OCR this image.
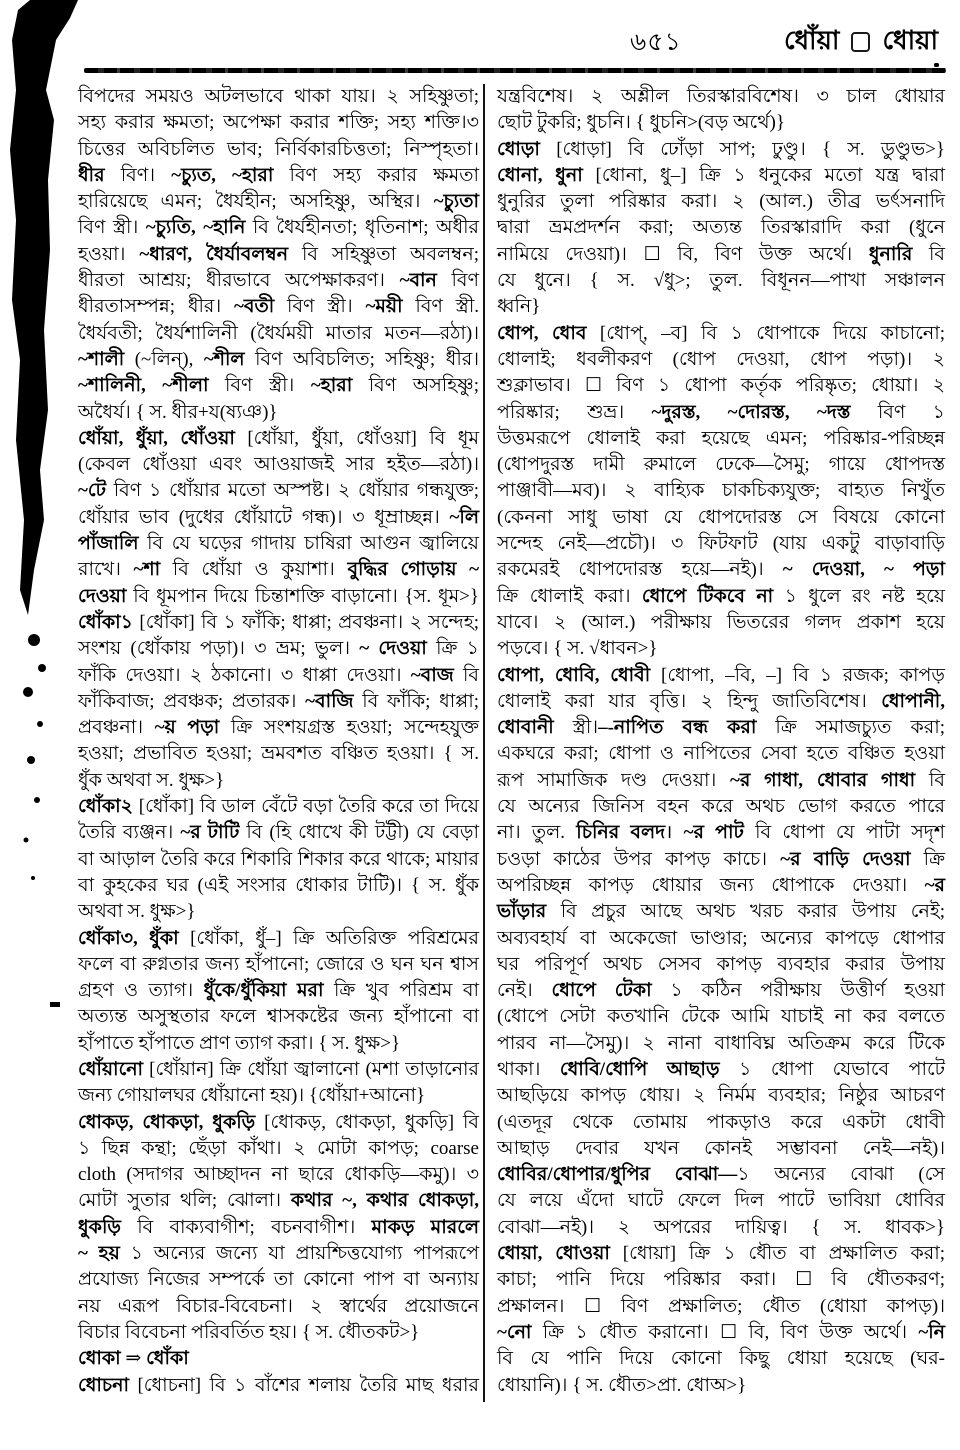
৬৫১	ধোঁয়া ধোয়া
বিপদের সময়ও অটলভাবে থাকা যায়। ২ সহিষ্ণুতা;
সহ্য করার ক্ষমতা; অপেক্ষা করার শক্তি; সহ্য শক্তি।৩
চিত্তের অবিচলিত ভাব; নির্বিকারচিত্ততা; নিস্পৃহতা।
ধীর বিণ। ~চ্যুত, ~হারা বিণ সহ্য করার ক্ষমতা
হারিয়েছে এমন; ধৈর্যহীন; অসহিষ্ণু, অস্থির। ~চ্যুতা
বিণ স্ত্রী। ~চ্যুতি, ~হানি বি ধৈর্যহীনতা; ধৃতিনাশ; অধীর
হওয়া। ~ধারণ, ধৈর্যাবলম্বন বি সহিষ্ণুতা অবলম্বন;
ধীরতা আশ্রয়; ধীরভাবে অপেক্ষাকরণ। ~বান বিণ
ধীরতাসম্পন্ন; ধীর। ~বতী বিণ স্ত্রী। ~ময়ী বিণ স্ত্রী.
ধৈর্যবতী; ধৈর্যশালিনী (ধৈর্যময়ী মাতার মতন—রঠা)।
~শালী (~লিন্), ~শীল বিণ অবিচলিত; সহিষ্ণু; ধীর।
~শালিনী, ~শীলা বিণ স্ত্রী। ~হারা বিণ অসহিষ্ণু;
অধৈর্য। { স. ধীর+য(ষ্যঞ)}
ধোঁয়া, ধুঁয়া, ধোঁওয়া [ধোঁয়া, ধুঁয়া, ধোঁওয়া] বি ধূম
(কেবল ধোঁওয়া এবং আওয়াজই সার হইত—রঠা)।
~টে বিণ ১ ধোঁয়ার মতো অস্পষ্ট। ২ ধোঁয়ার গন্ধযুক্ত;
ধোঁয়ার ভাব (দুধের ধোঁয়াটে গন্ধ)। ৩ ধূম্রাচ্ছন্ন। ~লি
পাঁজালি বি যে ঘড়ের গাদায় চাষিরা আগুন জ্বালিয়ে
রাখে। ~শা বি ধোঁয়া ও কুয়াশা। বুদ্ধির গোড়ায় ~
দেওয়া বি ধূমপান দিয়ে চিন্তাশক্তি বাড়ানো। {স. ধূম>}
ধোঁকা১ [ধোঁকা] বি ১ ফাঁকি; ধাপ্পা; প্রবঞ্চনা। ২ সন্দেহ;
সংশয় (ধোঁকায় পড়া)। ৩ ভ্রম; ভুল। ~ দেওয়া ক্রি ১
ফাঁকি দেওয়া। ২ ঠকানো। ৩ ধাপ্পা দেওয়া। ~বাজ বি
ফাঁকিবাজ; প্রবঞ্চক; প্রতারক। ~বাজি বি ফাঁকি; ধাপ্পা;
প্রবঞ্চনা। ~য় পড়া ক্রি সংশয়গ্রস্ত হওয়া; সন্দেহযুক্ত
হওয়া; প্রভাবিত হওয়া; ভ্রমবশত বঞ্চিত হওয়া। { স.
ধুঁক অথবা স. ধুক্ষ>}
ধোঁকা২ [ধোঁকা] বি ডাল বেঁটে বড়া তৈরি করে তা দিয়ে
তৈরি ব্যঞ্জন। ~র টাটি বি (হি ধোখে কী টট্টী) যে বেড়া
বা আড়াল তৈরি করে শিকারি শিকার করে থাকে; মায়ার
বা কুহকের ঘর (এই সংসার ধোকার টাটি)। { স. ধুঁক
অথবা স. ধুক্ষ>}
ধোঁকা৩, ধুঁকা [ধোঁকা, ধুঁ–] ক্রি অতিরিক্ত পরিশ্রমের
ফলে বা রুগ্নতার জন্য হাঁপানো; জোরে ও ঘন ঘন শ্বাস
গ্রহণ ও ত্যাগ। ধুঁকে/ধুঁকিয়া মরা ক্রি খুব পরিশ্রম বা
অত্যন্ত অসুস্থতার ফলে শ্বাসকষ্টের জন্য হাঁপানো বা
হাঁপাতে হাঁপাতে প্রাণ ত্যাগ করা। { স. ধুক্ষ>}
ধোঁয়ানো [ধোঁয়ান] ক্রি ধোঁয়া জ্বালানো (মশা তাড়ানোর
জন্য গোয়ালঘর ধোঁয়ানো হয়)। {ধোঁয়া+আনো}
ধোকড়, ধোকড়া, ধুকড়ি [ধোকড়, ধোকড়া, ধুকড়ি] বি
১ ছিন্ন কন্থা; ছেঁড়া কাঁথা। ২ মোটা কাপড়; coarse
cloth (সদাগর আচ্ছাদন না ছারে ধোকড়ি—কমু)। ৩
মোটা সুতার থলি; ঝোলা। কথার ~, কথার ধোকড়া,
ধুকড়ি বি বাক্যবাগীশ; বচনবাগীশ। মাকড় মারলে
~ হয় ১ অন্যের জন্যে যা প্রায়শ্চিত্তযোগ্য পাপরূপে
প্রযোজ্য নিজের সম্পর্কে তা কোনো পাপ বা অন্যায়
নয় এরূপ বিচার-বিবেচনা। ২ স্বার্থের প্রয়োজনে
বিচার বিবেচনা পরিবর্তিত হয়। { স. ধৌতকট>}
ধোকা ⇒ ধোঁকা
ধোচনা [ধোচনা] বি ১ বাঁশের শলায় তৈরি মাছ ধরার
যন্ত্রবিশেষ। ২ অশ্লীল তিরস্কারবিশেষ। ৩ চাল ধোয়ার
ছোট টুকরি; ধুচনি। { ধুচনি>(বড় অর্থে)}
ধোড়া [ধোড়া] বি ঢোঁড়া সাপ; ঢুণ্ডু। { স. ডুণ্ডুভ>}
ধোনা, ধুনা [ধোনা, ধু–] ক্রি ১ ধনুকের মতো যন্ত্র দ্বারা
ধুনুরির তুলা পরিষ্কার করা। ২ (আল.) তীব্র ভর্ৎসনাদি
দ্বারা ভ্রমপ্রদর্শন করা; অত্যন্ত তিরস্কারাদি করা (ধুনে
নামিয়ে দেওয়া)। ☐ বি, বিণ উক্ত অর্থে। ধুনারি বি
যে ধুনে। { স. √ধু>; তুল. বিধূনন—পাখা সঞ্চালন
ধ্বনি}
ধোপ, ধোব [ধোপ্, –ব] বি ১ ধোপাকে দিয়ে কাচানো;
ধোলাই; ধবলীকরণ (ধোপ দেওয়া, ধোপ পড়া)। ২
শুক্লাভাব। ☐ বিণ ১ ধোপা কর্তৃক পরিষ্কৃত; ধোয়া। ২
পরিষ্কার; শুভ্র। ~দুরস্ত, ~দোরস্ত, ~দস্ত বিণ ১
উত্তমরূপে ধোলাই করা হয়েছে এমন; পরিষ্কার-পরিচ্ছন্ন
(ধোপদুরস্ত দামী রুমালে ঢেকে—সৈমু; গায়ে ধোপদস্ত
পাঞ্জাবী—মব)। ২ বাহ্যিক চাকচিক্যযুক্ত; বাহ্যত নিখুঁত
(কেননা সাধু ভাষা যে ধোপদোরস্ত সে বিষয়ে কোনো
সন্দেহ নেই—প্রচৌ)। ৩ ফিটফাট (যায় একটু বাড়াবাড়ি
রকমেরই ধোপদোরস্ত হয়ে—নই)। ~ দেওয়া, ~ পড়া
ক্রি ধোলাই করা। ধোপে টিকবে না ১ ধুলে রং নষ্ট হয়ে
যাবে। ২ (আল.) পরীক্ষায় ভিতরের গলদ প্রকাশ হয়ে
পড়বে। { স. √ধাবন>}
ধোপা, ধোবি, ধোবী [ধোপা, –বি, –] বি ১ রজক; কাপড়
ধোলাই করা যার বৃত্তি। ২ হিন্দু জাতিবিশেষ। ধোপানী,
ধোবানী স্ত্রী।–-নাপিত বন্ধ করা ক্রি সমাজচ্যুত করা;
একঘরে করা; ধোপা ও নাপিতের সেবা হতে বঞ্চিত হওয়া
রূপ সামাজিক দণ্ড দেওয়া। ~র গাধা, ধোবার গাধা বি
যে অন্যের জিনিস বহন করে অথচ ভোগ করতে পারে
না। তুল. চিনির বলদ। ~র পাট বি ধোপা যে পাটা সদৃশ
চওড়া কাঠের উপর কাপড় কাচে। ~র বাড়ি দেওয়া ক্রি
অপরিচ্ছন্ন কাপড় ধোয়ার জন্য ধোপাকে দেওয়া। ~র
ভাঁড়ার বি প্রচুর আছে অথচ খরচ করার উপায় নেই;
অব্যবহার্য বা অকেজো ভাণ্ডার; অন্যের কাপড়ে ধোপার
ঘর পরিপূর্ণ অথচ সেসব কাপড় ব্যবহার করার উপায়
নেই। ধোপে টেকা ১ কঠিন পরীক্ষায় উত্তীর্ণ হওয়া
(ধোপে সেটা কতখানি টেকে আমি যাচাই না কর বলতে
পারব না—সৈমু)। ২ নানা বাধাবিঘ্ন অতিক্রম করে টিকে
থাকা। ধোবি/ধোপি আছাড় ১ ধোপা যেভাবে পাটে
আছড়িয়ে কাপড় ধোয়। ২ নির্মম ব্যবহার; নিষ্ঠুর আচরণ
(এতদূর থেকে তোমায় পাকড়াও করে একটা ধোবী
আছাড় দেবার যখন কোনই সম্ভাবনা নেই—নই)।
ধোবির/ধোপার/ধুপির বোঝা—১ অন্যের বোঝা (সে
যে লয়ে এঁদো ঘাটে ফেলে দিল পাটে ভাবিয়া ধোবির
বোঝা—নই)। ২ অপরের দায়িত্ব। { স. ধাবক>}
ধোয়া, ধোওয়া [ধোয়া] ক্রি ১ ধৌত বা প্রক্ষালিত করা;
কাচা; পানি দিয়ে পরিষ্কার করা। ☐ বি ধৌতকরণ;
প্রক্ষালন। ☐ বিণ প্রক্ষালিত; ধৌত (ধোয়া কাপড়)।
~নো ক্রি ১ ধৌত করানো। ☐ বি, বিণ উক্ত অর্থে। ~নি
বি যে পানি দিয়ে কোনো কিছু ধোয়া হয়েছে (ঘর-
ধোয়ানি)। { স. ধৌত>প্রা. ধোঅ>}
